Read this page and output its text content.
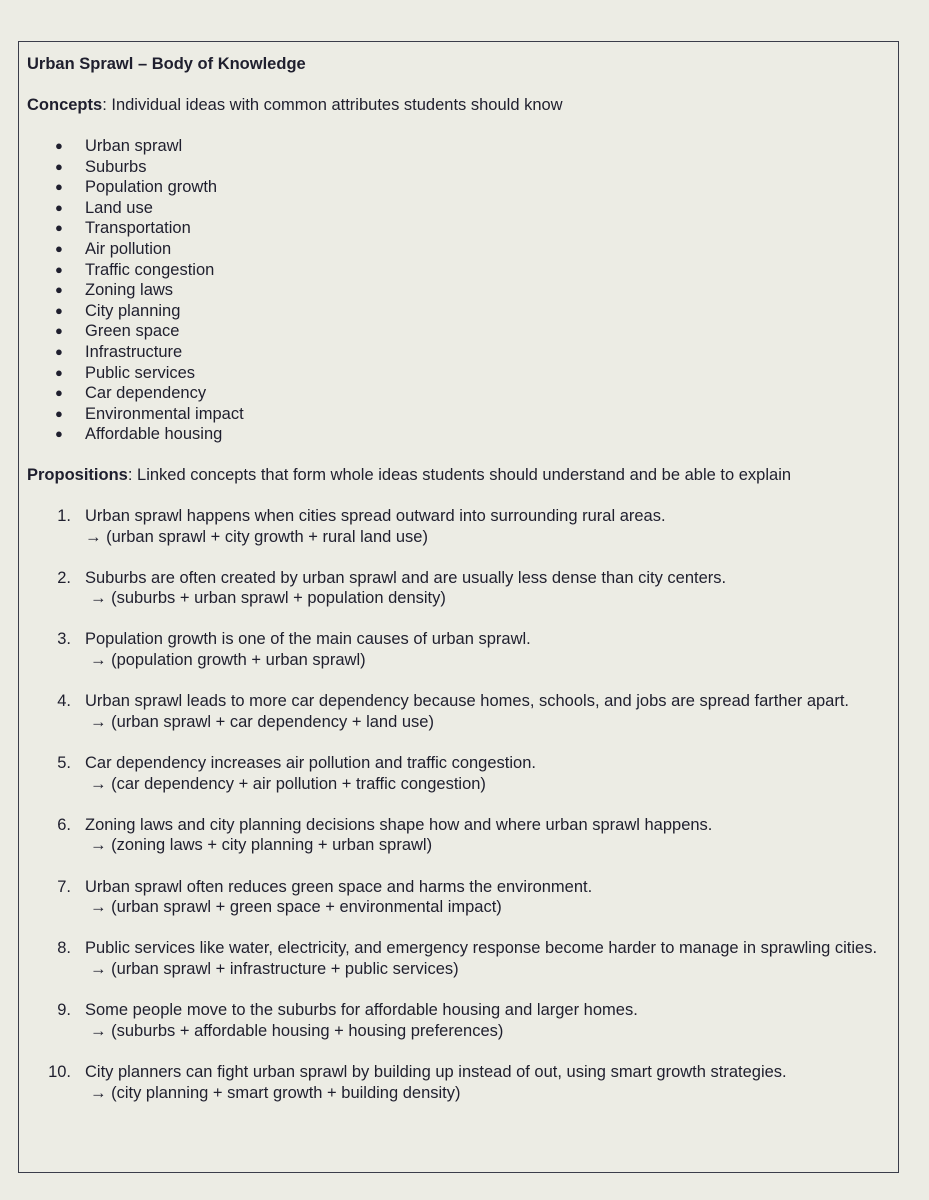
Urban Sprawl – Body of Knowledge

Concepts: Individual ideas with common attributes students should know

● Urban sprawl
● Suburbs
● Population growth
● Land use
● Transportation
● Air pollution
● Traffic congestion
● Zoning laws
● City planning
● Green space
● Infrastructure
● Public services
● Car dependency
● Environmental impact
● Affordable housing

Propositions: Linked concepts that form whole ideas students should understand and be able to explain

1. Urban sprawl happens when cities spread outward into surrounding rural areas.
→ (urban sprawl + city growth + rural land use)
2. Suburbs are often created by urban sprawl and are usually less dense than city centers.
→ (suburbs + urban sprawl + population density)
3. Population growth is one of the main causes of urban sprawl.
→ (population growth + urban sprawl)
4. Urban sprawl leads to more car dependency because homes, schools, and jobs are spread farther apart.
→ (urban sprawl + car dependency + land use)
5. Car dependency increases air pollution and traffic congestion.
→ (car dependency + air pollution + traffic congestion)
6. Zoning laws and city planning decisions shape how and where urban sprawl happens.
→ (zoning laws + city planning + urban sprawl)
7. Urban sprawl often reduces green space and harms the environment.
→ (urban sprawl + green space + environmental impact)
8. Public services like water, electricity, and emergency response become harder to manage in sprawling cities.
→ (urban sprawl + infrastructure + public services)
9. Some people move to the suburbs for affordable housing and larger homes.
→ (suburbs + affordable housing + housing preferences)
10. City planners can fight urban sprawl by building up instead of out, using smart growth strategies.
→ (city planning + smart growth + building density)
